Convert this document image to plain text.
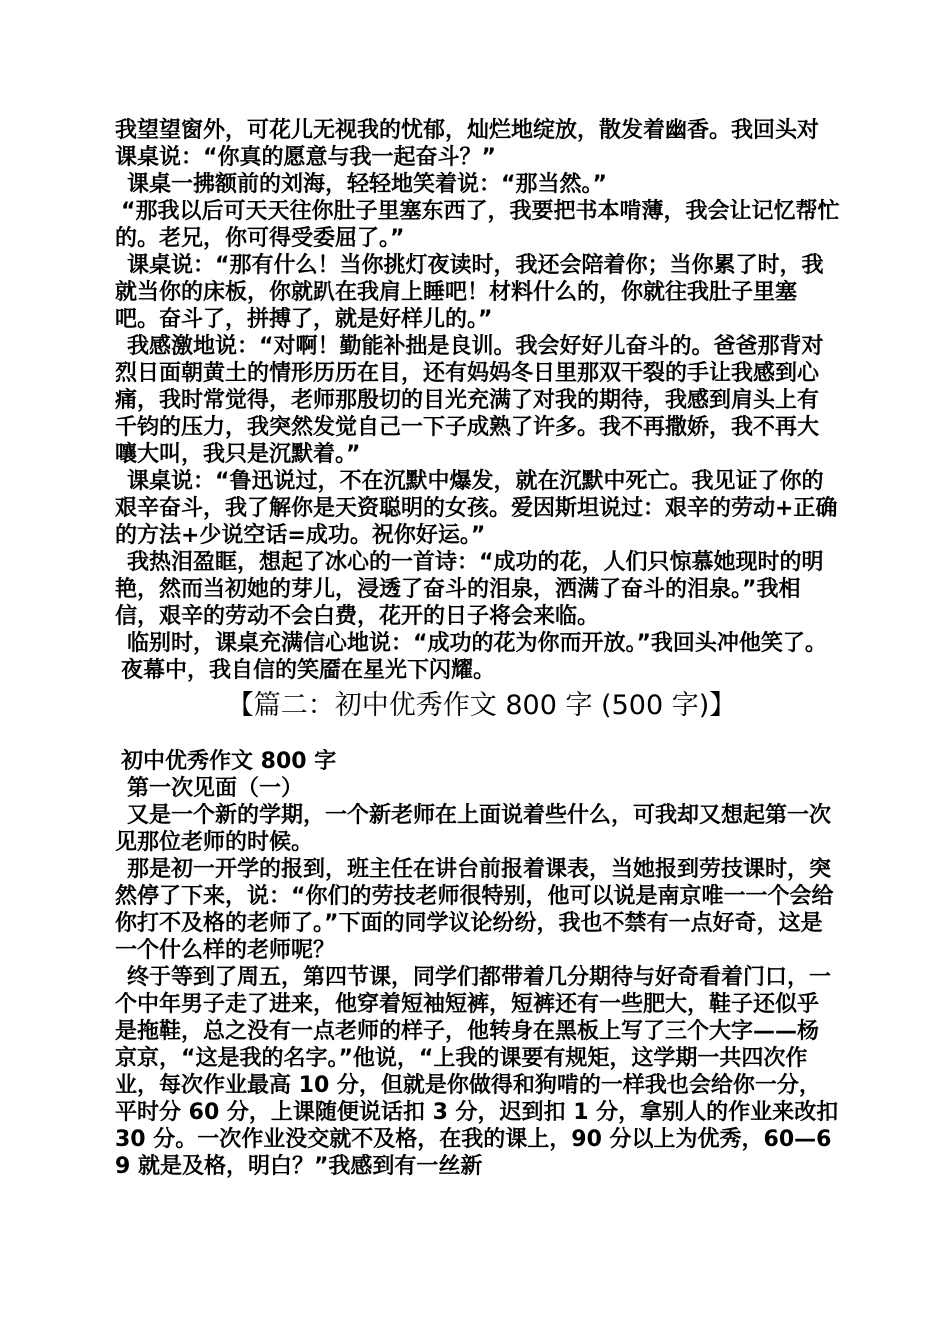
我望望窗外，可花儿无视我的忧郁，灿烂地绽放，散发着幽香。我回头对课桌说：“你真的愿意与我一起奋斗？”

课桌一拂额前的刘海，轻轻地笑着说：“那当然。”

“那我以后可天天往你肚子里塞东西了，我要把书本啃薄，我会让记忆帮忙的。老兄，你可得受委屈了。”

课桌说：“那有什么！当你挑灯夜读时，我还会陪着你；当你累了时，我就当你的床板，你就趴在我肩上睡吧！材料什么的，你就往我肚子里塞吧。奋斗了，拼搏了，就是好样儿的。”

我感激地说：“对啊！勤能补拙是良训。我会好好儿奋斗的。爸爸那背对烈日面朝黄土的情形历历在目，还有妈妈冬日里那双干裂的手让我感到心痛，我时常觉得，老师那殷切的目光充满了对我的期待，我感到肩头上有千钧的压力，我突然发觉自己一下子成熟了许多。我不再撒娇，我不再大嚷大叫，我只是沉默着。”

课桌说：“鲁迅说过，不在沉默中爆发，就在沉默中死亡。我见证了你的艰辛奋斗，我了解你是天资聪明的女孩。爱因斯坦说过：艰辛的劳动+正确的方法+少说空话=成功。祝你好运。”

我热泪盈眶，想起了冰心的一首诗：“成功的花，人们只惊慕她现时的明艳，然而当初她的芽儿，浸透了奋斗的泪泉，洒满了奋斗的泪泉。”我相信，艰辛的劳动不会白费，花开的日子将会来临。

临别时，课桌充满信心地说：“成功的花为你而开放。”我回头冲他笑了。

夜幕中，我自信的笑靥在星光下闪耀。

【篇二：初中优秀作文 800 字 (500 字)】

初中优秀作文 800 字

第一次见面（一）

又是一个新的学期，一个新老师在上面说着些什么，可我却又想起第一次见那位老师的时候。

那是初一开学的报到，班主任在讲台前报着课表，当她报到劳技课时，突然停了下来，说：“你们的劳技老师很特别，他可以说是南京唯一一个会给你打不及格的老师了。”下面的同学议论纷纷，我也不禁有一点好奇，这是一个什么样的老师呢？

终于等到了周五，第四节课，同学们都带着几分期待与好奇看着门口，一个中年男子走了进来，他穿着短袖短裤，短裤还有一些肥大，鞋子还似乎是拖鞋，总之没有一点老师的样子，他转身在黑板上写了三个大字——杨京京，“这是我的名字。”他说，“上我的课要有规矩，这学期一共四次作业，每次作业最高 10 分，但就是你做得和狗啃的一样我也会给你一分，平时分 60 分，上课随便说话扣 3 分，迟到扣 1 分，拿别人的作业来改扣 30 分。一次作业没交就不及格，在我的课上，90 分以上为优秀，60—69 就是及格，明白？”我感到有一丝新
